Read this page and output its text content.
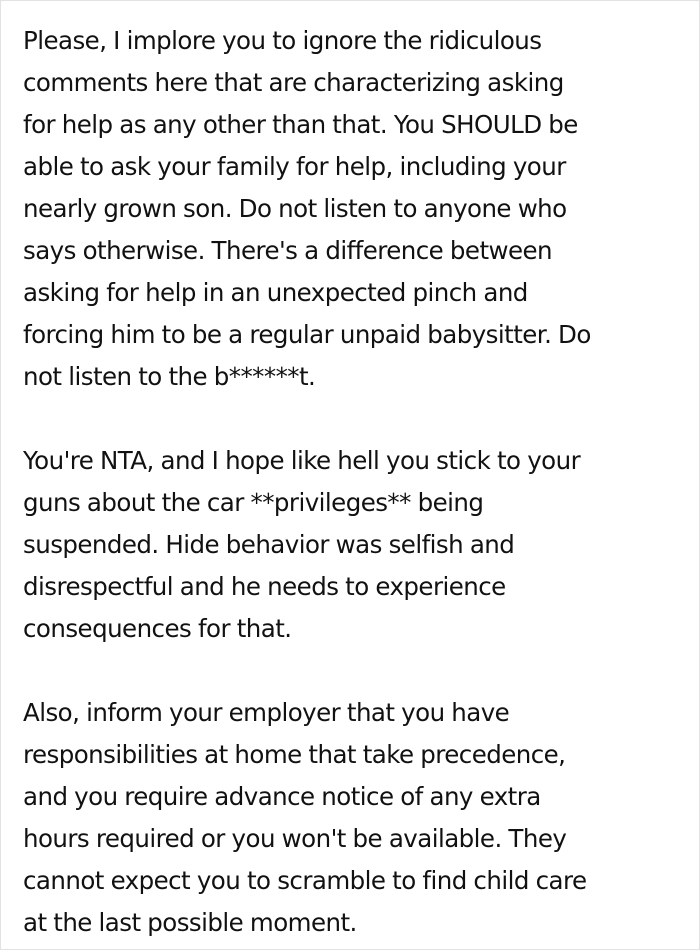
Please, I implore you to ignore the ridiculous
comments here that are characterizing asking
for help as any other than that. You SHOULD be
able to ask your family for help, including your
nearly grown son. Do not listen to anyone who
says otherwise. There's a difference between
asking for help in an unexpected pinch and
forcing him to be a regular unpaid babysitter. Do
not listen to the b******t.

You're NTA, and I hope like hell you stick to your
guns about the car **privileges** being
suspended. Hide behavior was selfish and
disrespectful and he needs to experience
consequences for that.

Also, inform your employer that you have
responsibilities at home that take precedence,
and you require advance notice of any extra
hours required or you won't be available. They
cannot expect you to scramble to find child care
at the last possible moment.
